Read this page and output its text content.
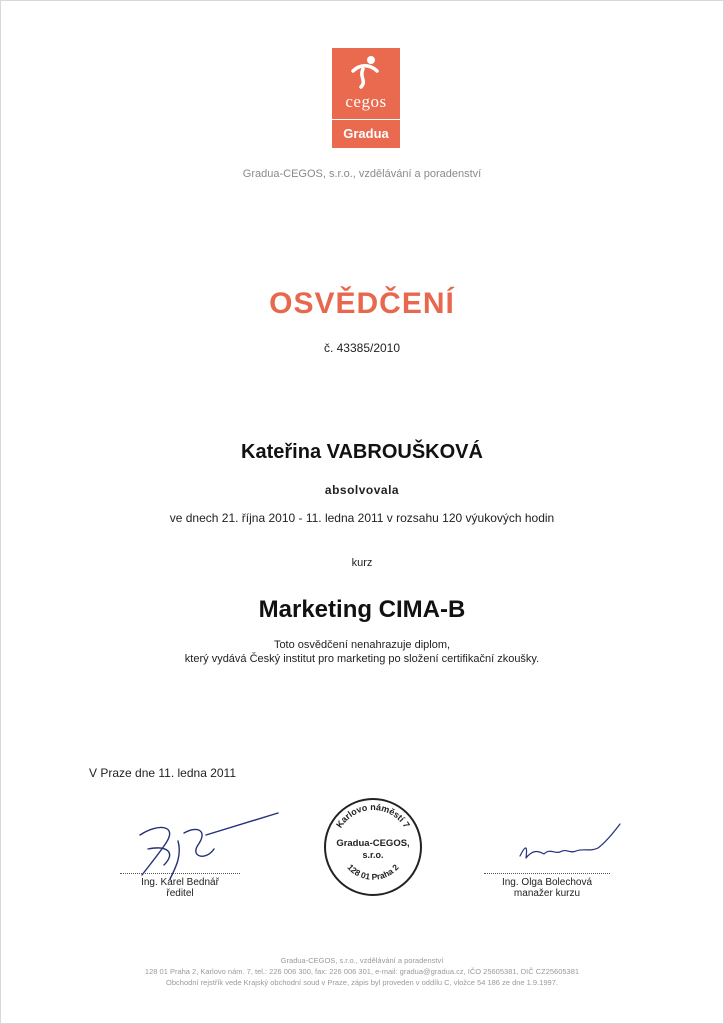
cegos
Gradua
Gradua-CEGOS, s.r.o., vzdělávání a poradenství
OSVĚDČENÍ
č. 43385/2010
Kateřina VABROUŠKOVÁ
absolvovala
ve dnech 21. října 2010 - 11. ledna 2011 v rozsahu 120 výukových hodin
kurz
Marketing CIMA-B
Toto osvědčení nenahrazuje diplom,
který vydává Český institut pro marketing po složení certifikační zkoušky.
V Praze dne 11. ledna 2011
Ing. Karel Bednář
ředitel
Karlovo náměstí 7
Gradua-CEGOS,
s.r.o.
128 01 Praha 2
Ing. Olga Bolechová
manažer kurzu
Gradua-CEGOS, s.r.o., vzdělávání a poradenství
128 01 Praha 2, Karlovo nám. 7, tel.: 226 006 300, fax: 226 006 301, e-mail: gradua@gradua.cz, IČO 25605381, DIČ CZ25605381
Obchodní rejstřík vede Krajský obchodní soud v Praze, zápis byl proveden v oddílu C, vložce 54 186 ze dne 1.9.1997.
